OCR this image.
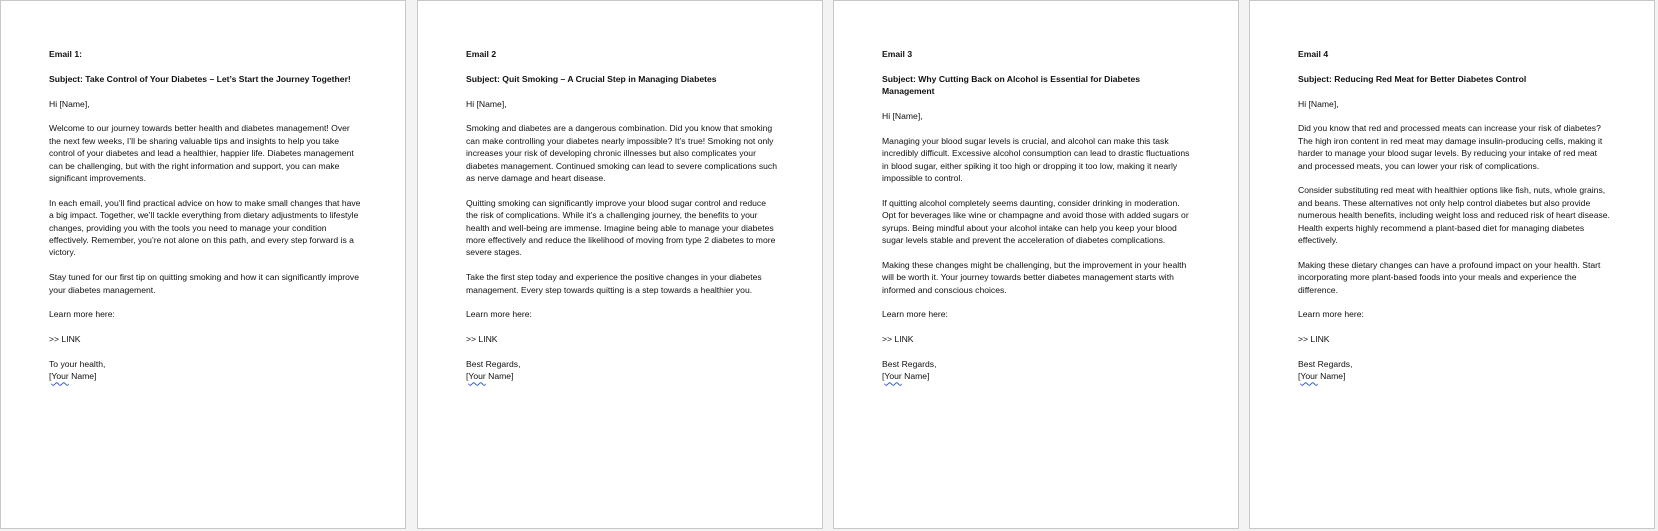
Email 1:

Subject: Take Control of Your Diabetes – Let’s Start the Journey Together!

Hi [Name],

Welcome to our journey towards better health and diabetes management! Over the next few weeks, I’ll be sharing valuable tips and insights to help you take control of your diabetes and lead a healthier, happier life. Diabetes management can be challenging, but with the right information and support, you can make significant improvements.

In each email, you’ll find practical advice on how to make small changes that have a big impact. Together, we’ll tackle everything from dietary adjustments to lifestyle changes, providing you with the tools you need to manage your condition effectively. Remember, you’re not alone on this path, and every step forward is a victory.

Stay tuned for our first tip on quitting smoking and how it can significantly improve your diabetes management.

Learn more here:

>> LINK

To your health,

[Your Name]

Email 2

Subject: Quit Smoking – A Crucial Step in Managing Diabetes

Hi [Name],

Smoking and diabetes are a dangerous combination. Did you know that smoking can make controlling your diabetes nearly impossible? It’s true! Smoking not only increases your risk of developing chronic illnesses but also complicates your diabetes management. Continued smoking can lead to severe complications such as nerve damage and heart disease.

Quitting smoking can significantly improve your blood sugar control and reduce the risk of complications. While it’s a challenging journey, the benefits to your health and well-being are immense. Imagine being able to manage your diabetes more effectively and reduce the likelihood of moving from type 2 diabetes to more severe stages.

Take the first step today and experience the positive changes in your diabetes management. Every step towards quitting is a step towards a healthier you.

Learn more here:

>> LINK

Best Regards,

[Your Name]

Email 3

Subject: Why Cutting Back on Alcohol is Essential for Diabetes Management

Hi [Name],

Managing your blood sugar levels is crucial, and alcohol can make this task incredibly difficult. Excessive alcohol consumption can lead to drastic fluctuations in blood sugar, either spiking it too high or dropping it too low, making it nearly impossible to control.

If quitting alcohol completely seems daunting, consider drinking in moderation. Opt for beverages like wine or champagne and avoid those with added sugars or syrups. Being mindful about your alcohol intake can help you keep your blood sugar levels stable and prevent the acceleration of diabetes complications.

Making these changes might be challenging, but the improvement in your health will be worth it. Your journey towards better diabetes management starts with informed and conscious choices.

Learn more here:

>> LINK

Best Regards,

[Your Name]

Email 4

Subject: Reducing Red Meat for Better Diabetes Control

Hi [Name],

Did you know that red and processed meats can increase your risk of diabetes? The high iron content in red meat may damage insulin-producing cells, making it harder to manage your blood sugar levels. By reducing your intake of red meat and processed meats, you can lower your risk of complications.

Consider substituting red meat with healthier options like fish, nuts, whole grains, and beans. These alternatives not only help control diabetes but also provide numerous health benefits, including weight loss and reduced risk of heart disease. Health experts highly recommend a plant-based diet for managing diabetes effectively.

Making these dietary changes can have a profound impact on your health. Start incorporating more plant-based foods into your meals and experience the difference.

Learn more here:

>> LINK

Best Regards,

[Your Name]
